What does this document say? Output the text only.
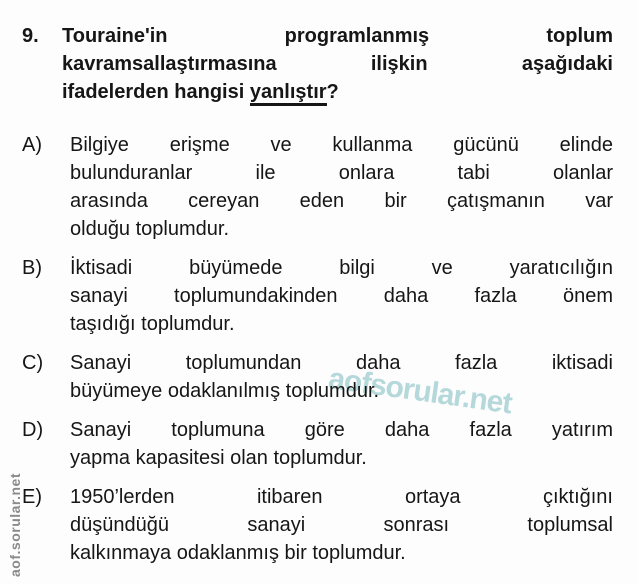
aofsorular.net
aof.sorular.net
9.	Touraine'in programlanmış toplum
kavramsallaştırmasına ilişkin aşağıdaki
ifadelerden hangisi yanlıştır?
A)	Bilgiye erişme ve kullanma gücünü elinde
bulunduranlar ile onlara tabi olanlar
arasında cereyan eden bir çatışmanın var
olduğu toplumdur.
B)	İktisadi büyümede bilgi ve yaratıcılığın
sanayi toplumundakinden daha fazla önem
taşıdığı toplumdur.
C)	Sanayi toplumundan daha fazla iktisadi
büyümeye odaklanılmış toplumdur.
D)	Sanayi toplumuna göre daha fazla yatırım
yapma kapasitesi olan toplumdur.
E)	1950’lerden itibaren ortaya çıktığını
düşündüğü sanayi sonrası toplumsal
kalkınmaya odaklanmış bir toplumdur.
